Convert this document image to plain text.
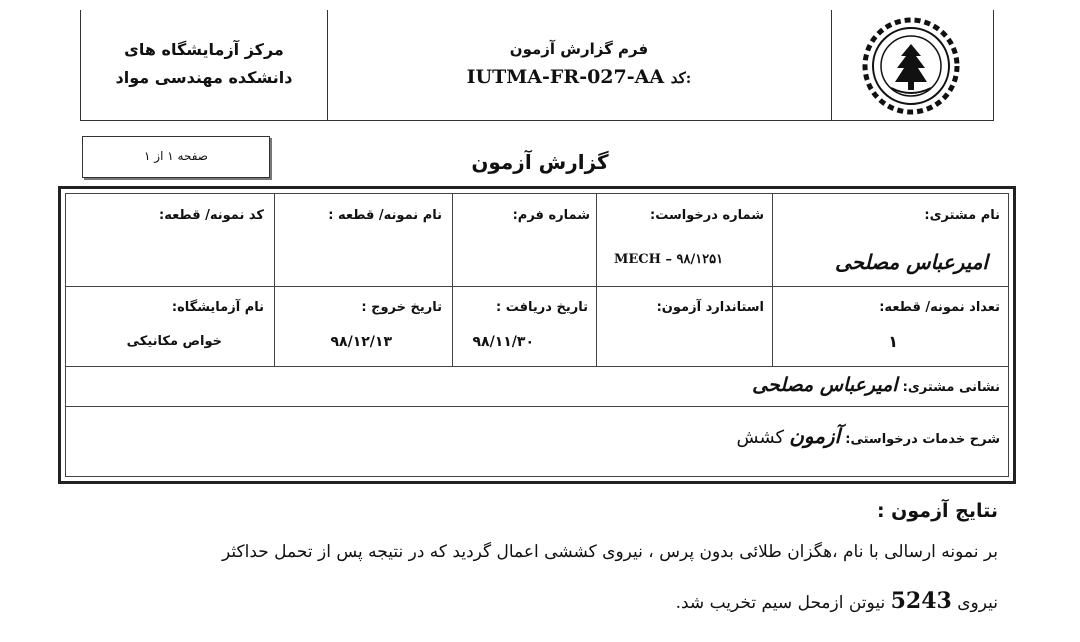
مرکز آزمایشگاه های
دانشکده مهندسی مواد
فرم گزارش آزمون
IUTMA-FR-027-AA کد:
صفحه ۱ از ۱	گزارش آزمون
نام مشتری:
امیرعباس مصلحی
شماره درخواست:
MECH – ۹۸/۱۲۵۱
شماره فرم:
نام نمونه/ قطعه :
کد نمونه/ قطعه:
تعداد نمونه/ قطعه:
۱
استاندارد آزمون:
تاریخ دریافت :
۹۸/۱۱/۳۰
تاریخ خروج :
۹۸/۱۲/۱۳
نام آزمایشگاه:
خواص مکانیکی
نشانی مشتری: امیرعباس مصلحی
شرح خدمات درخواستی: آزمون کشش
نتایج آزمون :
بر نمونه ارسالی با نام ،هگزان طلائی بدون پرس ، نیروی کششی اعمال گردید که در نتیجه پس از تحمل حداکثر
نیروی 5243 نیوتن ازمحل سیم تخریب شد.
